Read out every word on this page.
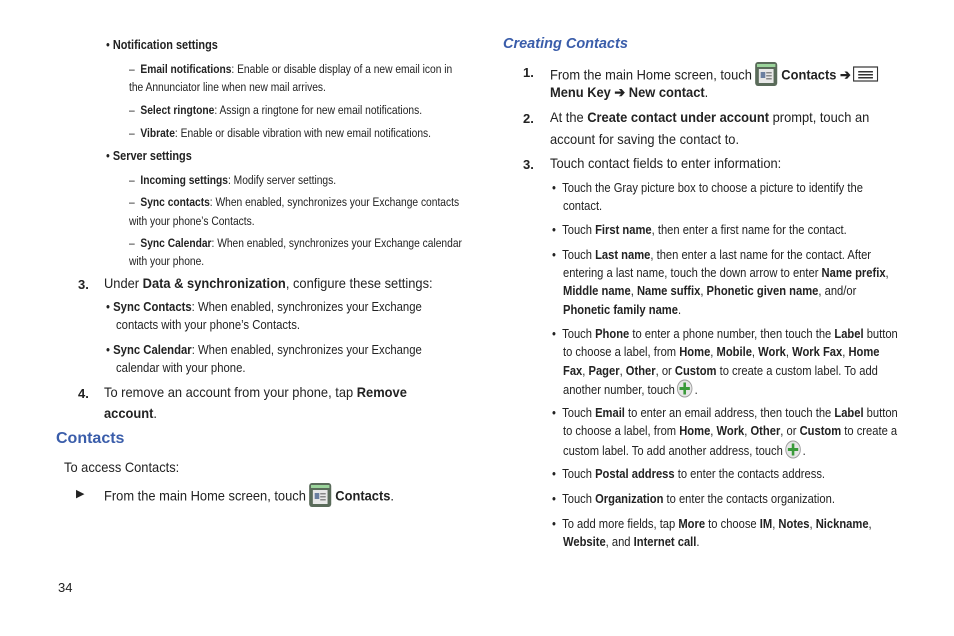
• Notification settings
–  Email notifications: Enable or disable display of a new email icon in
the Annunciator line when new mail arrives.
–  Select ringtone: Assign a ringtone for new email notifications.
–  Vibrate: Enable or disable vibration with new email notifications.
• Server settings
–  Incoming settings: Modify server settings.
–  Sync contacts: When enabled, synchronizes your Exchange contacts
with your phone’s Contacts.
–  Sync Calendar: When enabled, synchronizes your Exchange calendar
with your phone.
3. Under Data & synchronization, configure these settings:
• Sync Contacts: When enabled, synchronizes your Exchange
contacts with your phone’s Contacts.
• Sync Calendar: When enabled, synchronizes your Exchange
calendar with your phone.
4. To remove an account from your phone, tap Remove
account.
Contacts
To access Contacts:
▶ From the main Home screen, touch Contacts.
Creating Contacts
1. From the main Home screen, touch Contacts ➔
Menu Key ➔ New contact.
2. At the Create contact under account prompt, touch an
account for saving the contact to.
3. Touch contact fields to enter information:
•  Touch the Gray picture box to choose a picture to identify the
contact.
•  Touch First name, then enter a first name for the contact.
•  Touch Last name, then enter a last name for the contact. After
entering a last name, touch the down arrow to enter Name prefix,
Middle name, Name suffix, Phonetic given name, and/or
Phonetic family name.
•  Touch Phone to enter a phone number, then touch the Label button
to choose a label, from Home, Mobile, Work, Work Fax, Home
Fax, Pager, Other, or Custom to create a custom label. To add
another number, touch .
•  Touch Email to enter an email address, then touch the Label button
to choose a label, from Home, Work, Other, or Custom to create a
custom label. To add another address, touch .
•  Touch Postal address to enter the contacts address.
•  Touch Organization to enter the contacts organization.
•  To add more fields, tap More to choose IM, Notes, Nickname,
Website, and Internet call.
34
